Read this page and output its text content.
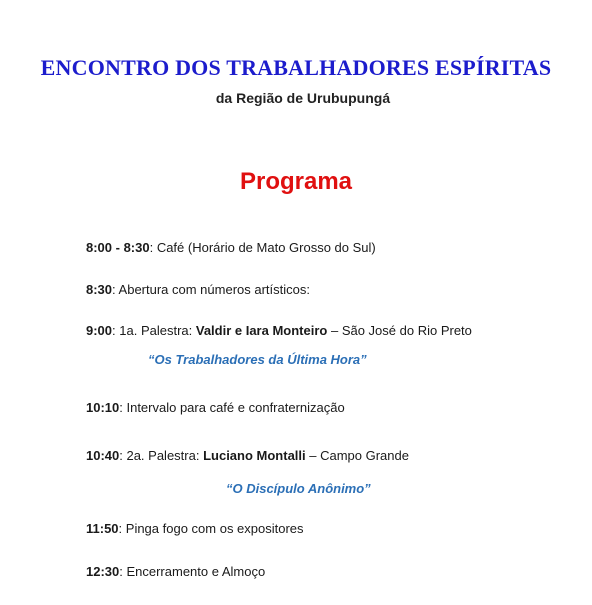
ENCONTRO DOS TRABALHADORES ESPÍRITAS
da Região de Urubupungá
Programa
8:00 - 8:30: Café (Horário de Mato Grosso do Sul)
8:30: Abertura com números artísticos:
9:00: 1a. Palestra: Valdir e Iara Monteiro – São José do Rio Preto
“Os Trabalhadores da Última Hora”
10:10: Intervalo para café e confraternização
10:40: 2a. Palestra: Luciano Montalli – Campo Grande
“O Discípulo Anônimo”
11:50: Pinga fogo com os expositores
12:30: Encerramento e Almoço
